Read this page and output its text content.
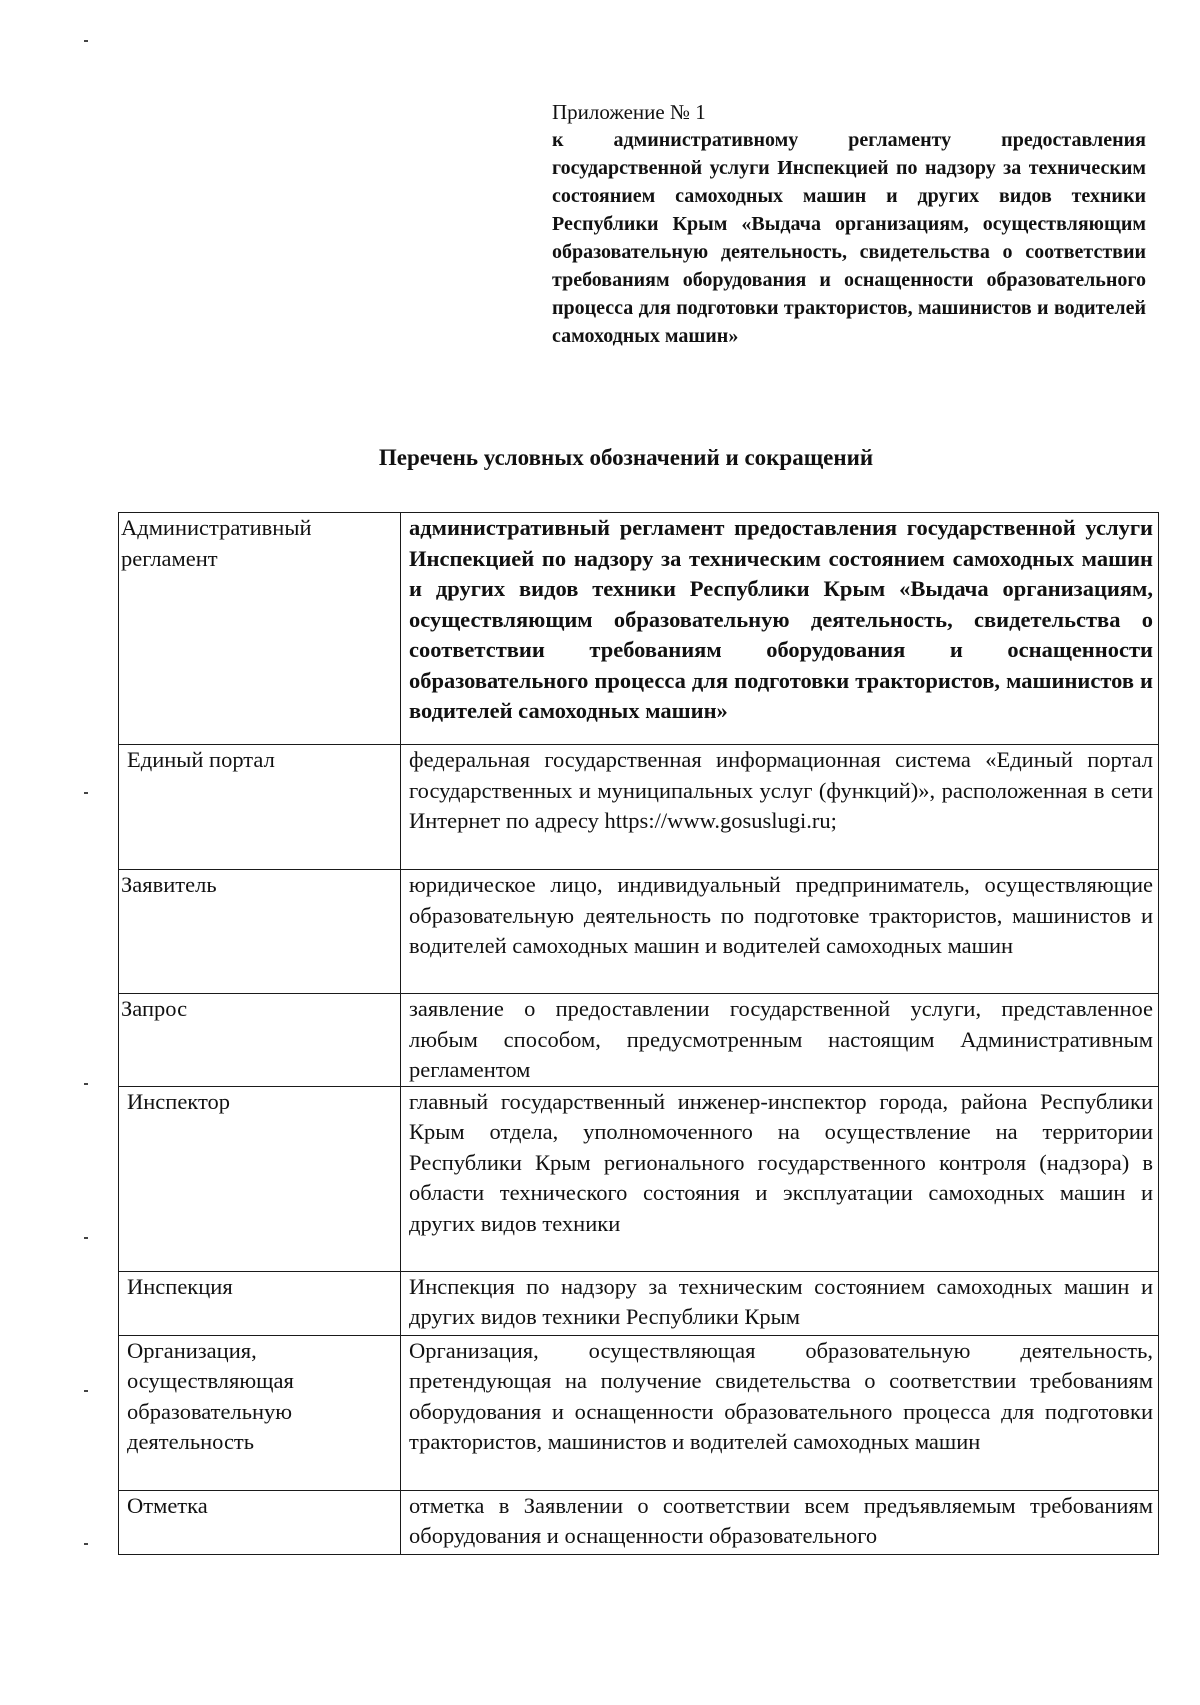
Приложение № 1
к административному регламенту предоставления государственной услуги Инспекцией по надзору за техническим состоянием самоходных машин и других видов техники Республики Крым «Выдача организациям, осуществляющим образовательную деятельность, свидетельства о соответствии требованиям оборудования и оснащенности образовательного процесса для подготовки трактористов, машинистов и водителей самоходных машин»
Перечень условных обозначений и сокращений
Административный регламент	административный регламент предоставления государственной услуги Инспекцией по надзору за техническим состоянием самоходных машин и других видов техники Республики Крым «Выдача организациям, осуществляющим образовательную деятельность, свидетельства о соответствии требованиям оборудования и оснащенности образовательного процесса для подготовки трактористов, машинистов и водителей самоходных машин»
Единый портал	федеральная государственная информационная система «Единый портал государственных и муниципальных услуг (функций)», расположенная в сети Интернет по адресу https://www.gosuslugi.ru;
Заявитель	юридическое лицо, индивидуальный предприниматель, осуществляющие образовательную деятельность по подготовке трактористов, машинистов и водителей самоходных машин и водителей самоходных машин
Запрос	заявление о предоставлении государственной услуги, представленное любым способом, предусмотренным настоящим Административным регламентом
Инспектор	главный государственный инженер-инспектор города, района Республики Крым отдела, уполномоченного на осуществление на территории Республики Крым регионального государственного контроля (надзора) в области технического состояния и эксплуатации самоходных машин и других видов техники
Инспекция	Инспекция по надзору за техническим состоянием самоходных машин и других видов техники Республики Крым
Организация, осуществляющая образовательную деятельность	Организация, осуществляющая образовательную деятельность, претендующая на получение свидетельства о соответствии требованиям оборудования и оснащенности образовательного процесса для подготовки трактористов, машинистов и водителей самоходных машин
Отметка	отметка в Заявлении о соответствии всем предъявляемым требованиям оборудования и оснащенности образовательного
